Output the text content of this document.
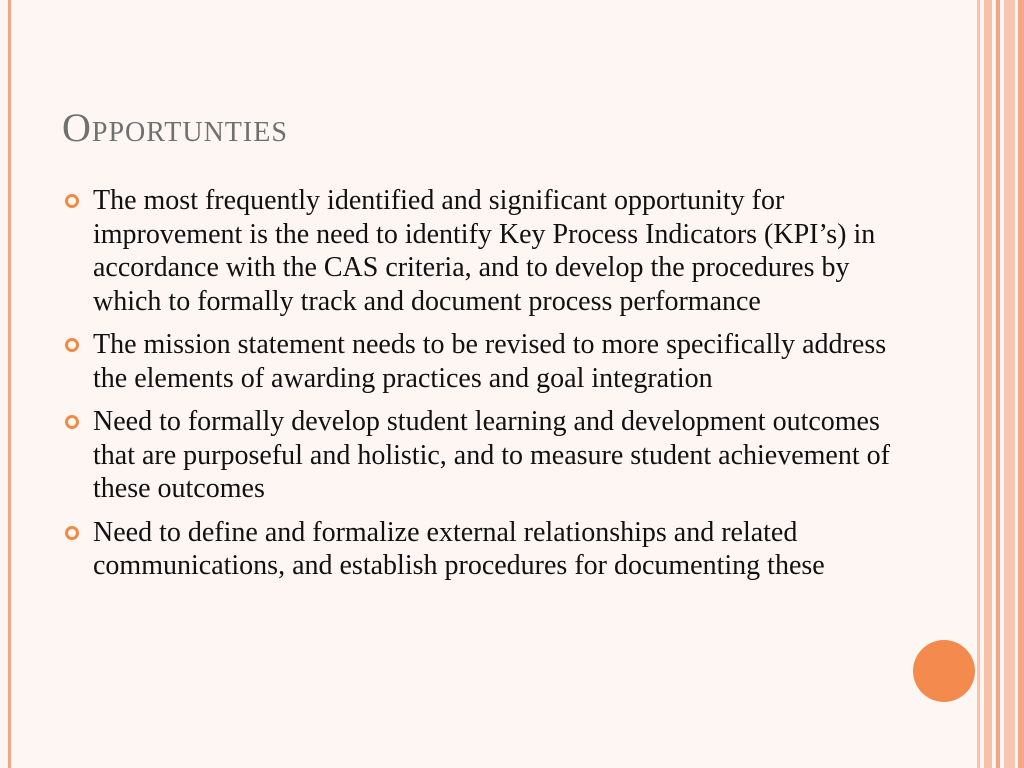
Opportunties
The most frequently identified and significant opportunity for improvement is the need to identify Key Process Indicators (KPI’s) in accordance with the CAS criteria, and to develop the procedures by which to formally track and document process performance
The mission statement needs to be revised to more specifically address the elements of awarding practices and goal integration
Need to formally develop student learning and development outcomes that are purposeful and holistic, and to measure student achievement of these outcomes
Need to define and formalize external relationships and related communications, and establish procedures for documenting these
